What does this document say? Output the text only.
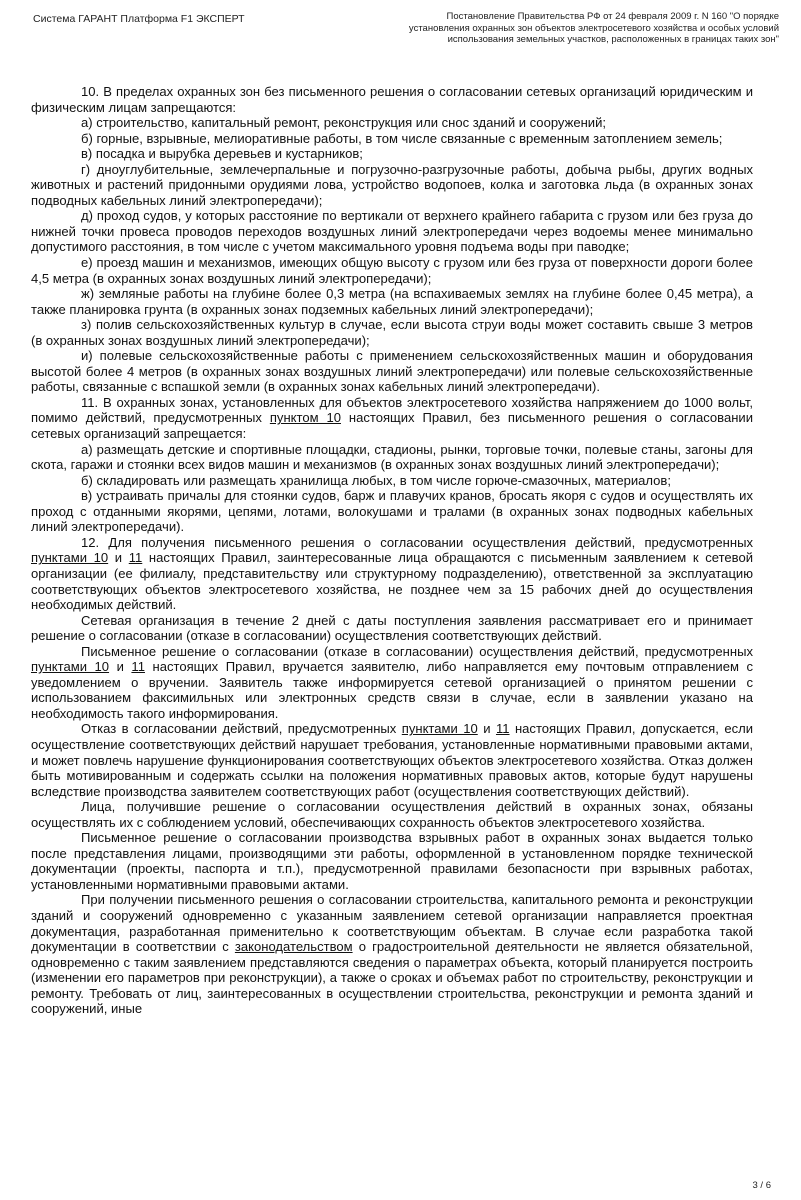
Система ГАРАНТ Платформа F1 ЭКСПЕРТ	Постановление Правительства РФ от 24 февраля 2009 г. N 160 "О порядке установления охранных зон объектов электросетевого хозяйства и особых условий использования земельных участков, расположенных в границах таких зон"

10. В пределах охранных зон без письменного решения о согласовании сетевых организаций юридическим и физическим лицам запрещаются:

а) строительство, капитальный ремонт, реконструкция или снос зданий и сооружений;

б) горные, взрывные, мелиоративные работы, в том числе связанные с временным затоплением земель;

в) посадка и вырубка деревьев и кустарников;

г) дноуглубительные, землечерпальные и погрузочно-разгрузочные работы, добыча рыбы, других водных животных и растений придонными орудиями лова, устройство водопоев, колка и заготовка льда (в охранных зонах подводных кабельных линий электропередачи);

д) проход судов, у которых расстояние по вертикали от верхнего крайнего габарита с грузом или без груза до нижней точки провеса проводов переходов воздушных линий электропередачи через водоемы менее минимально допустимого расстояния, в том числе с учетом максимального уровня подъема воды при паводке;

е) проезд машин и механизмов, имеющих общую высоту с грузом или без груза от поверхности дороги более 4,5 метра (в охранных зонах воздушных линий электропередачи);

ж) земляные работы на глубине более 0,3 метра (на вспахиваемых землях на глубине более 0,45 метра), а также планировка грунта (в охранных зонах подземных кабельных линий электропередачи);

з) полив сельскохозяйственных культур в случае, если высота струи воды может составить свыше 3 метров (в охранных зонах воздушных линий электропередачи);

и) полевые сельскохозяйственные работы с применением сельскохозяйственных машин и оборудования высотой более 4 метров (в охранных зонах воздушных линий электропередачи) или полевые сельскохозяйственные работы, связанные с вспашкой земли (в охранных зонах кабельных линий электропередачи).

11. В охранных зонах, установленных для объектов электросетевого хозяйства напряжением до 1000 вольт, помимо действий, предусмотренных пунктом 10 настоящих Правил, без письменного решения о согласовании сетевых организаций запрещается:

а) размещать детские и спортивные площадки, стадионы, рынки, торговые точки, полевые станы, загоны для скота, гаражи и стоянки всех видов машин и механизмов (в охранных зонах воздушных линий электропередачи);

б) складировать или размещать хранилища любых, в том числе горюче-смазочных, материалов;

в) устраивать причалы для стоянки судов, барж и плавучих кранов, бросать якоря с судов и осуществлять их проход с отданными якорями, цепями, лотами, волокушами и тралами (в охранных зонах подводных кабельных линий электропередачи).

12. Для получения письменного решения о согласовании осуществления действий, предусмотренных пунктами 10 и 11 настоящих Правил, заинтересованные лица обращаются с письменным заявлением к сетевой организации (ее филиалу, представительству или структурному подразделению), ответственной за эксплуатацию соответствующих объектов электросетевого хозяйства, не позднее чем за 15 рабочих дней до осуществления необходимых действий.

Сетевая организация в течение 2 дней с даты поступления заявления рассматривает его и принимает решение о согласовании (отказе в согласовании) осуществления соответствующих действий.

Письменное решение о согласовании (отказе в согласовании) осуществления действий, предусмотренных пунктами 10 и 11 настоящих Правил, вручается заявителю, либо направляется ему почтовым отправлением с уведомлением о вручении. Заявитель также информируется сетевой организацией о принятом решении с использованием факсимильных или электронных средств связи в случае, если в заявлении указано на необходимость такого информирования.

Отказ в согласовании действий, предусмотренных пунктами 10 и 11 настоящих Правил, допускается, если осуществление соответствующих действий нарушает требования, установленные нормативными правовыми актами, и может повлечь нарушение функционирования соответствующих объектов электросетевого хозяйства. Отказ должен быть мотивированным и содержать ссылки на положения нормативных правовых актов, которые будут нарушены вследствие производства заявителем соответствующих работ (осуществления соответствующих действий).

Лица, получившие решение о согласовании осуществления действий в охранных зонах, обязаны осуществлять их с соблюдением условий, обеспечивающих сохранность объектов электросетевого хозяйства.

Письменное решение о согласовании производства взрывных работ в охранных зонах выдается только после представления лицами, производящими эти работы, оформленной в установленном порядке технической документации (проекты, паспорта и т.п.), предусмотренной правилами безопасности при взрывных работах, установленными нормативными правовыми актами.

При получении письменного решения о согласовании строительства, капитального ремонта и реконструкции зданий и сооружений одновременно с указанным заявлением сетевой организации направляется проектная документация, разработанная применительно к соответствующим объектам. В случае если разработка такой документации в соответствии с законодательством о градостроительной деятельности не является обязательной, одновременно с таким заявлением представляются сведения о параметрах объекта, который планируется построить (изменении его параметров при реконструкции), а также о сроках и объемах работ по строительству, реконструкции и ремонту. Требовать от лиц, заинтересованных в осуществлении строительства, реконструкции и ремонта зданий и сооружений, иные

3 / 6
